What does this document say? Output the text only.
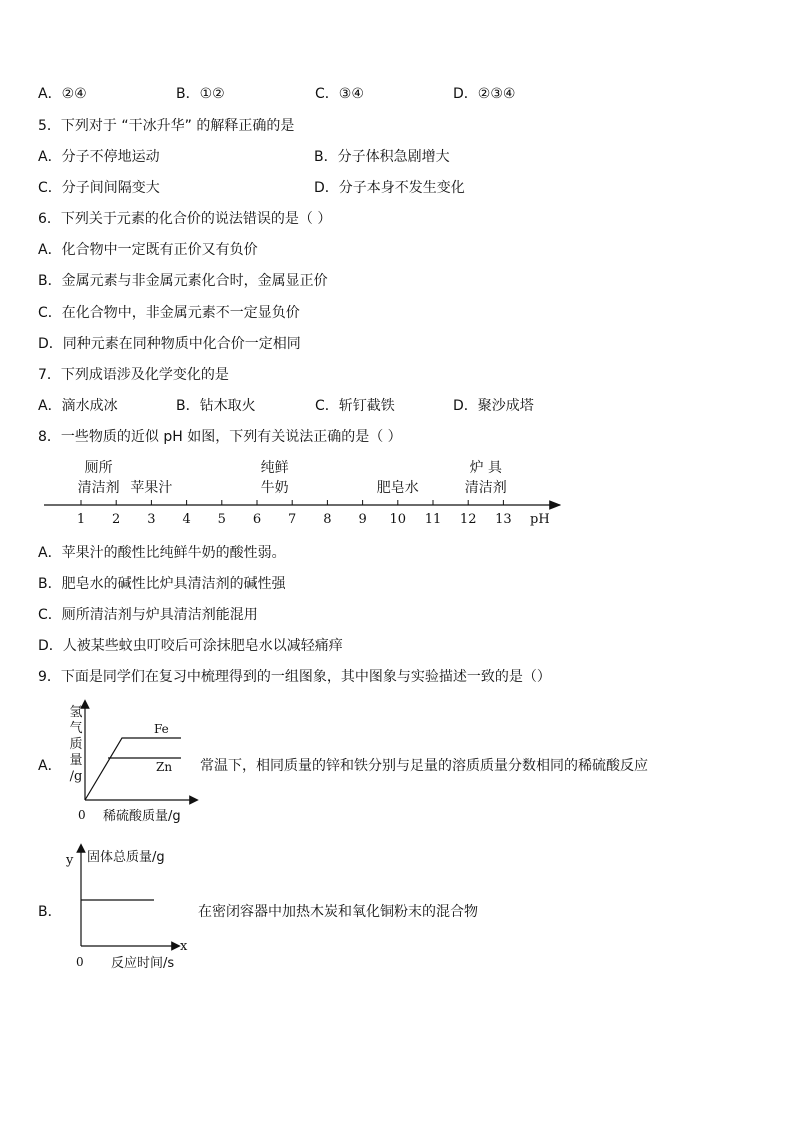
A．②④	B．①②	C．③④	D．②③④
5．下列对于 “干冰升华” 的解释正确的是
A．分子不停地运动	B．分子体积急剧增大
C．分子间间隔变大	D．分子本身不发生变化
6．下列关于元素的化合价的说法错误的是（ ）
A．化合物中一定既有正价又有负价
B．金属元素与非金属元素化合时，金属显正价
C．在化合物中，非金属元素不一定显负价
D．同种元素在同种物质中化合价一定相同
7．下列成语涉及化学变化的是
A．滴水成冰	B．钻木取火	C．斩钉截铁	D．聚沙成塔
8．一些物质的近似 pH 如图，下列有关说法正确的是（ ）
1 2 3 4 5 6 7 8 9 10 11 12 13
厕所
清洁剂 苹果汁
纯鲜
牛奶	肥皂水
炉 具
清洁剂
pH
A．苹果汁的酸性比纯鲜牛奶的酸性弱。
B．肥皂水的碱性比炉具清洁剂的碱性强
C．厕所清洁剂与炉具清洁剂能混用
D．人被某些蚊虫叮咬后可涂抹肥皂水以减轻痛痒
9．下面是同学们在复习中梳理得到的一组图象，其中图象与实验描述一致的是（）
A．
Fe
Zn
0 稀硫酸质量/g
氢
气
质
量
/g
常温下，相同质量的锌和铁分别与足量的溶质质量分数相同的稀硫酸反应
B．
y 固体总质量/g
x
0 反应时间/s
在密闭容器中加热木炭和氧化铜粉末的混合物
